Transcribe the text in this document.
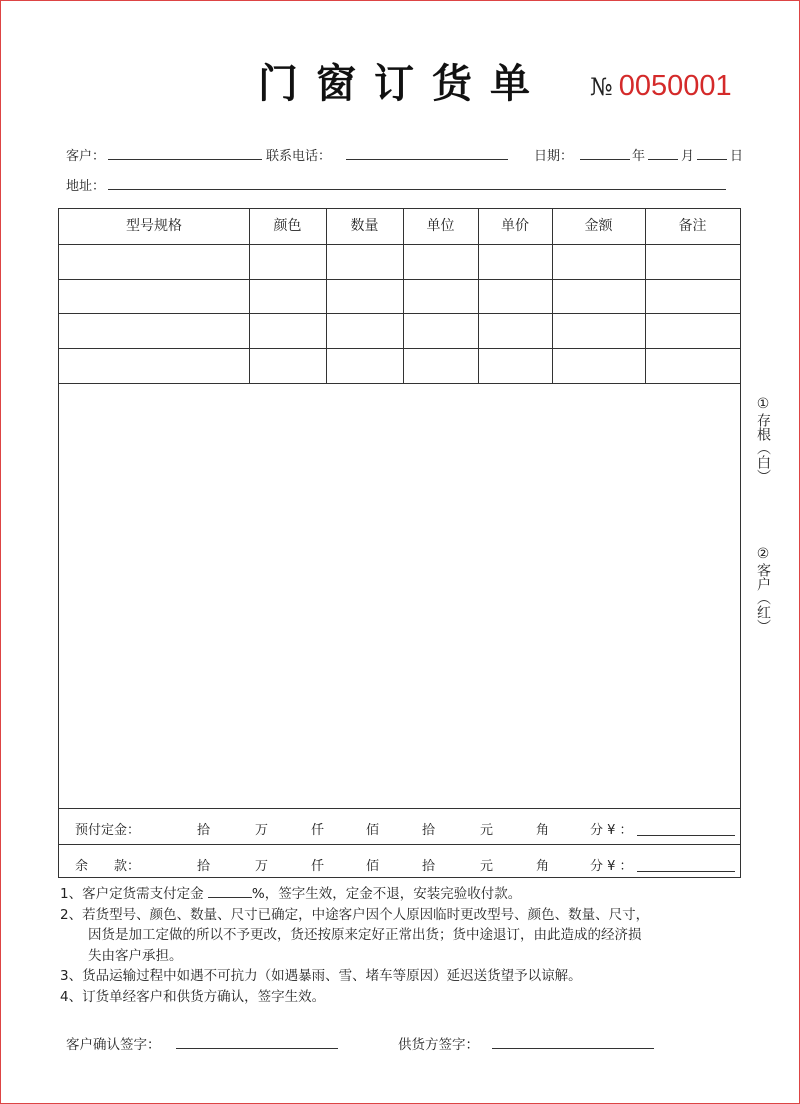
门窗订货单 № 0050001
客户：	联系电话：	日期：	年	月	日
地址：
型号规格	颜色	数量	单位	单价	金额	备注
预付定金：	拾	万	仟	佰	拾	元	角	分 ¥ ：
余　　款：	拾	万	仟	佰	拾	元	角	分 ¥ ：

1、客户定货需支付定金	%，签字生效，定金不退，安装完验收付款。

2、若货型号、颜色、数量、尺寸已确定，中途客户因个人原因临时更改型号、颜色、数量、尺寸，

因货是加工定做的所以不予更改，货还按原来定好正常出货；货中途退订，由此造成的经济损

失由客户承担。

3、货品运输过程中如遇不可抗力（如遇暴雨、雪、堵车等原因）延迟送货望予以谅解。

4、订货单经客户和供货方确认，签字生效。

客户确认签字：	供货方签字：
①
存根
（白）
②
客户
（红）
